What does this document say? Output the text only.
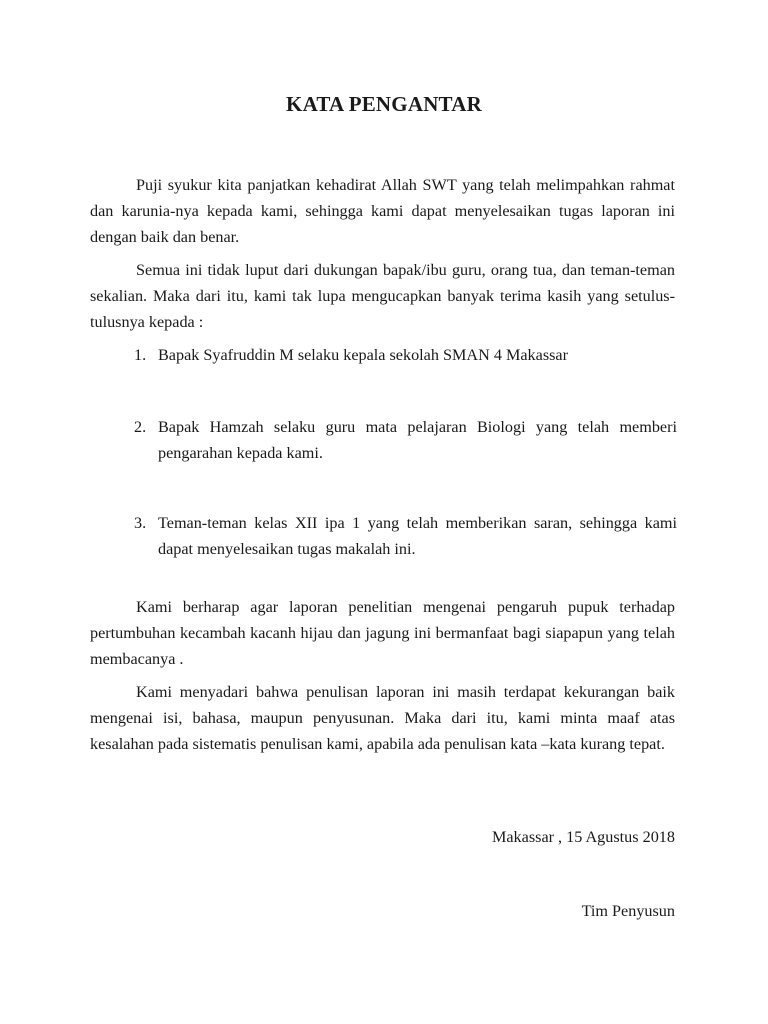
KATA PENGANTAR

Puji syukur kita panjatkan kehadirat Allah SWT yang telah melimpahkan rahmat dan karunia-nya kepada kami, sehingga kami dapat menyelesaikan tugas laporan ini dengan baik dan benar.

Semua ini tidak luput dari dukungan bapak/ibu guru, orang tua, dan teman-teman sekalian. Maka dari itu, kami tak lupa mengucapkan banyak terima kasih yang setulus-tulusnya kepada :

1. Bapak Syafruddin M selaku kepala sekolah SMAN 4 Makassar
2. Bapak Hamzah selaku guru mata pelajaran Biologi yang telah memberi pengarahan kepada kami.
3. Teman-teman kelas XII ipa 1 yang telah memberikan saran, sehingga kami dapat menyelesaikan tugas makalah ini.

Kami berharap agar laporan penelitian mengenai pengaruh pupuk terhadap pertumbuhan kecambah kacanh hijau dan jagung ini bermanfaat bagi siapapun yang telah membacanya .

Kami menyadari bahwa penulisan laporan ini masih terdapat kekurangan baik mengenai isi, bahasa, maupun penyusunan. Maka dari itu, kami minta maaf atas kesalahan pada sistematis penulisan kami, apabila ada penulisan kata –kata kurang tepat.

Makassar , 15 Agustus 2018
Tim Penyusun
